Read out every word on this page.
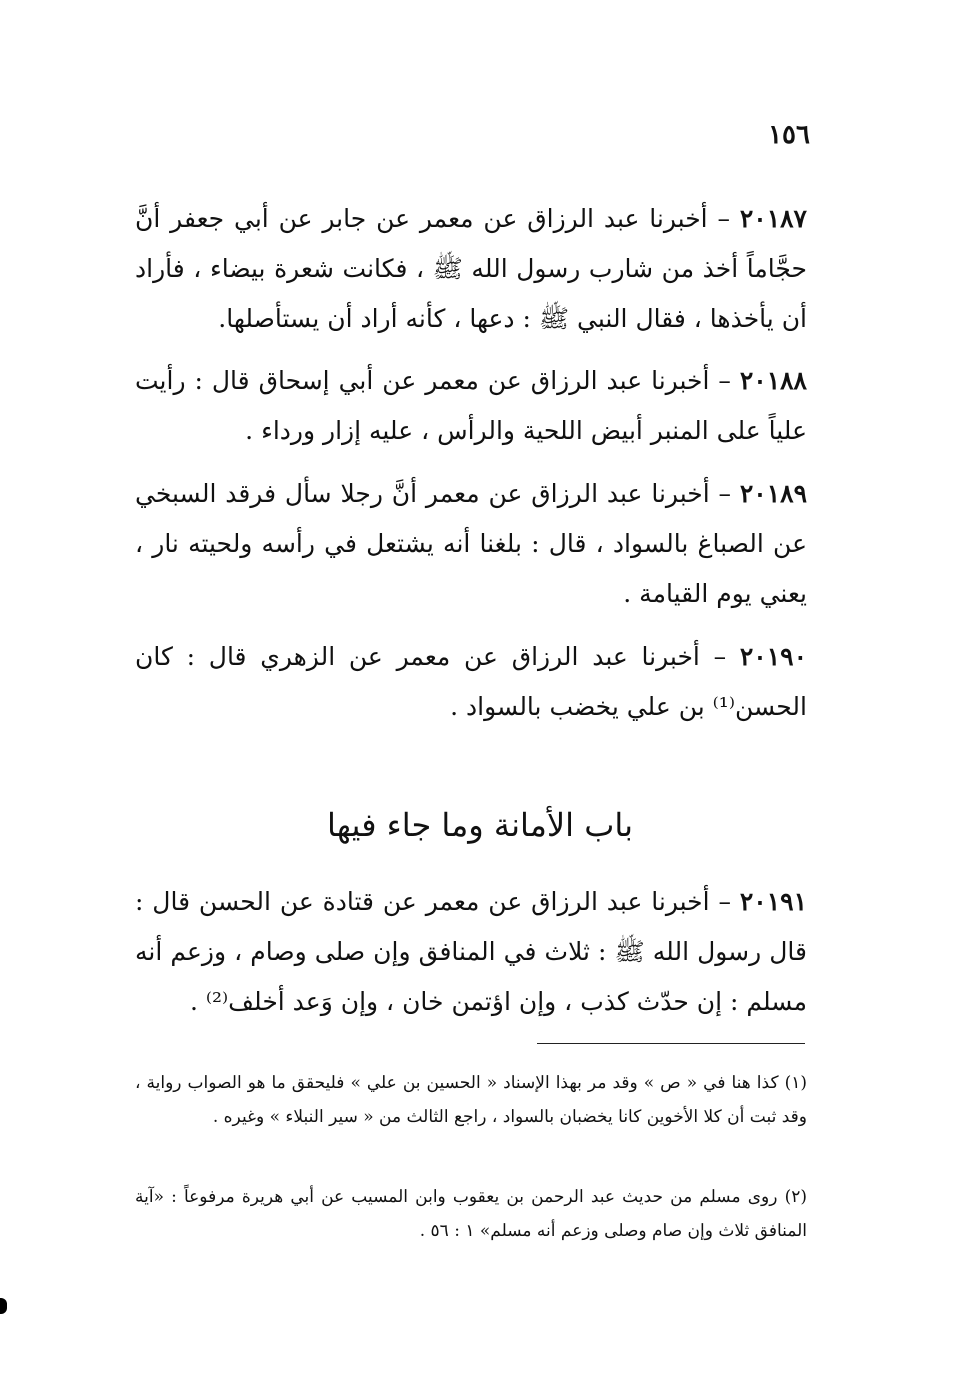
١٥٦
٢٠١٨٧ – أخبرنا عبد الرزاق عن معمر عن جابر عن أبي جعفر أنَّ حجَّاماً أخذ من شارب رسول الله ﷺ ، فكانت شعرة بيضاء ، فأراد أن يأخذها ، فقال النبي ﷺ : دعها ، كأنه أراد أن يستأصلها.
٢٠١٨٨ – أخبرنا عبد الرزاق عن معمر عن أبي إسحاق قال : رأيت علياً على المنبر أبيض اللحية والرأس ، عليه إزار ورداء .
٢٠١٨٩ – أخبرنا عبد الرزاق عن معمر أنَّ رجلا سأل فرقد السبخي عن الصباغ بالسواد ، قال : بلغنا أنه يشتعل في رأسه ولحيته نار ، يعني يوم القيامة .
٢٠١٩٠ – أخبرنا عبد الرزاق عن معمر عن الزهري قال : كان الحسن⁽¹⁾ بن علي يخضب بالسواد .
باب الأمانة وما جاء فيها
٢٠١٩١ – أخبرنا عبد الرزاق عن معمر عن قتادة عن الحسن قال : قال رسول الله ﷺ : ثلاث في المنافق وإن صلى وصام ، وزعم أنه مسلم : إن حدّث كذب ، وإن اؤتمن خان ، وإن وَعد أخلف⁽²⁾ .
(١) كذا هنا في « ص » وقد مر بهذا الإسناد « الحسين بن علي » فليحقق ما هو الصواب رواية ، وقد ثبت أن كلا الأخوين كانا يخضبان بالسواد ، راجع الثالث من « سير النبلاء » وغيره .
(٢) روى مسلم من حديث عبد الرحمن بن يعقوب وابن المسيب عن أبي هريرة مرفوعاً : «آية المنافق ثلاث وإن صام وصلى وزعم أنه مسلم» ١ : ٥٦ .
